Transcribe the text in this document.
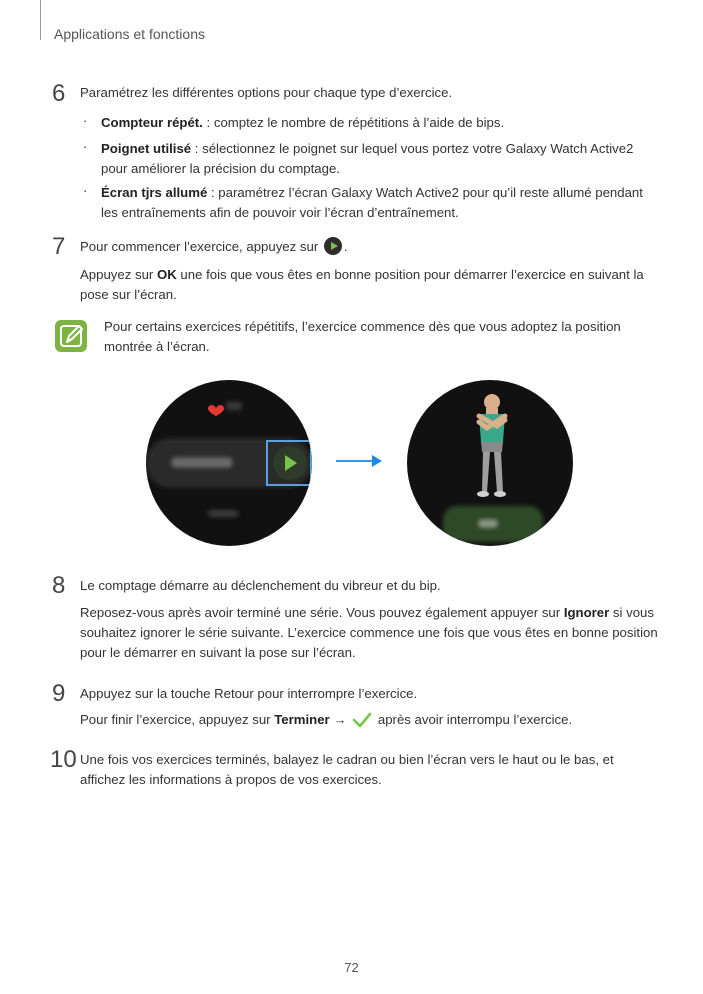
Applications et fonctions
6 Paramétrez les différentes options pour chaque type d’exercice.
· Compteur répét. : comptez le nombre de répétitions à l’aide de bips.
· Poignet utilisé : sélectionnez le poignet sur lequel vous portez votre Galaxy Watch Active2 pour améliorer la précision du comptage.
· Écran tjrs allumé : paramétrez l’écran Galaxy Watch Active2 pour qu’il reste allumé pendant les entraînements afin de pouvoir voir l’écran d’entraînement.
7 Pour commencer l’exercice, appuyez sur .
Appuyez sur OK une fois que vous êtes en bonne position pour démarrer l’exercice en suivant la pose sur l’écran.
Pour certains exercices répétitifs, l’exercice commence dès que vous adoptez la position montrée à l’écran.
8 Le comptage démarre au déclenchement du vibreur et du bip.
Reposez-vous après avoir terminé une série. Vous pouvez également appuyer sur Ignorer si vous souhaitez ignorer le série suivante. L’exercice commence une fois que vous êtes en bonne position pour le démarrer en suivant la pose sur l’écran.
9 Appuyez sur la touche Retour pour interrompre l’exercice.
Pour finir l’exercice, appuyez sur Terminer →  après avoir interrompu l’exercice.
10 Une fois vos exercices terminés, balayez le cadran ou bien l’écran vers le haut ou le bas, et affichez les informations à propos de vos exercices.
72
